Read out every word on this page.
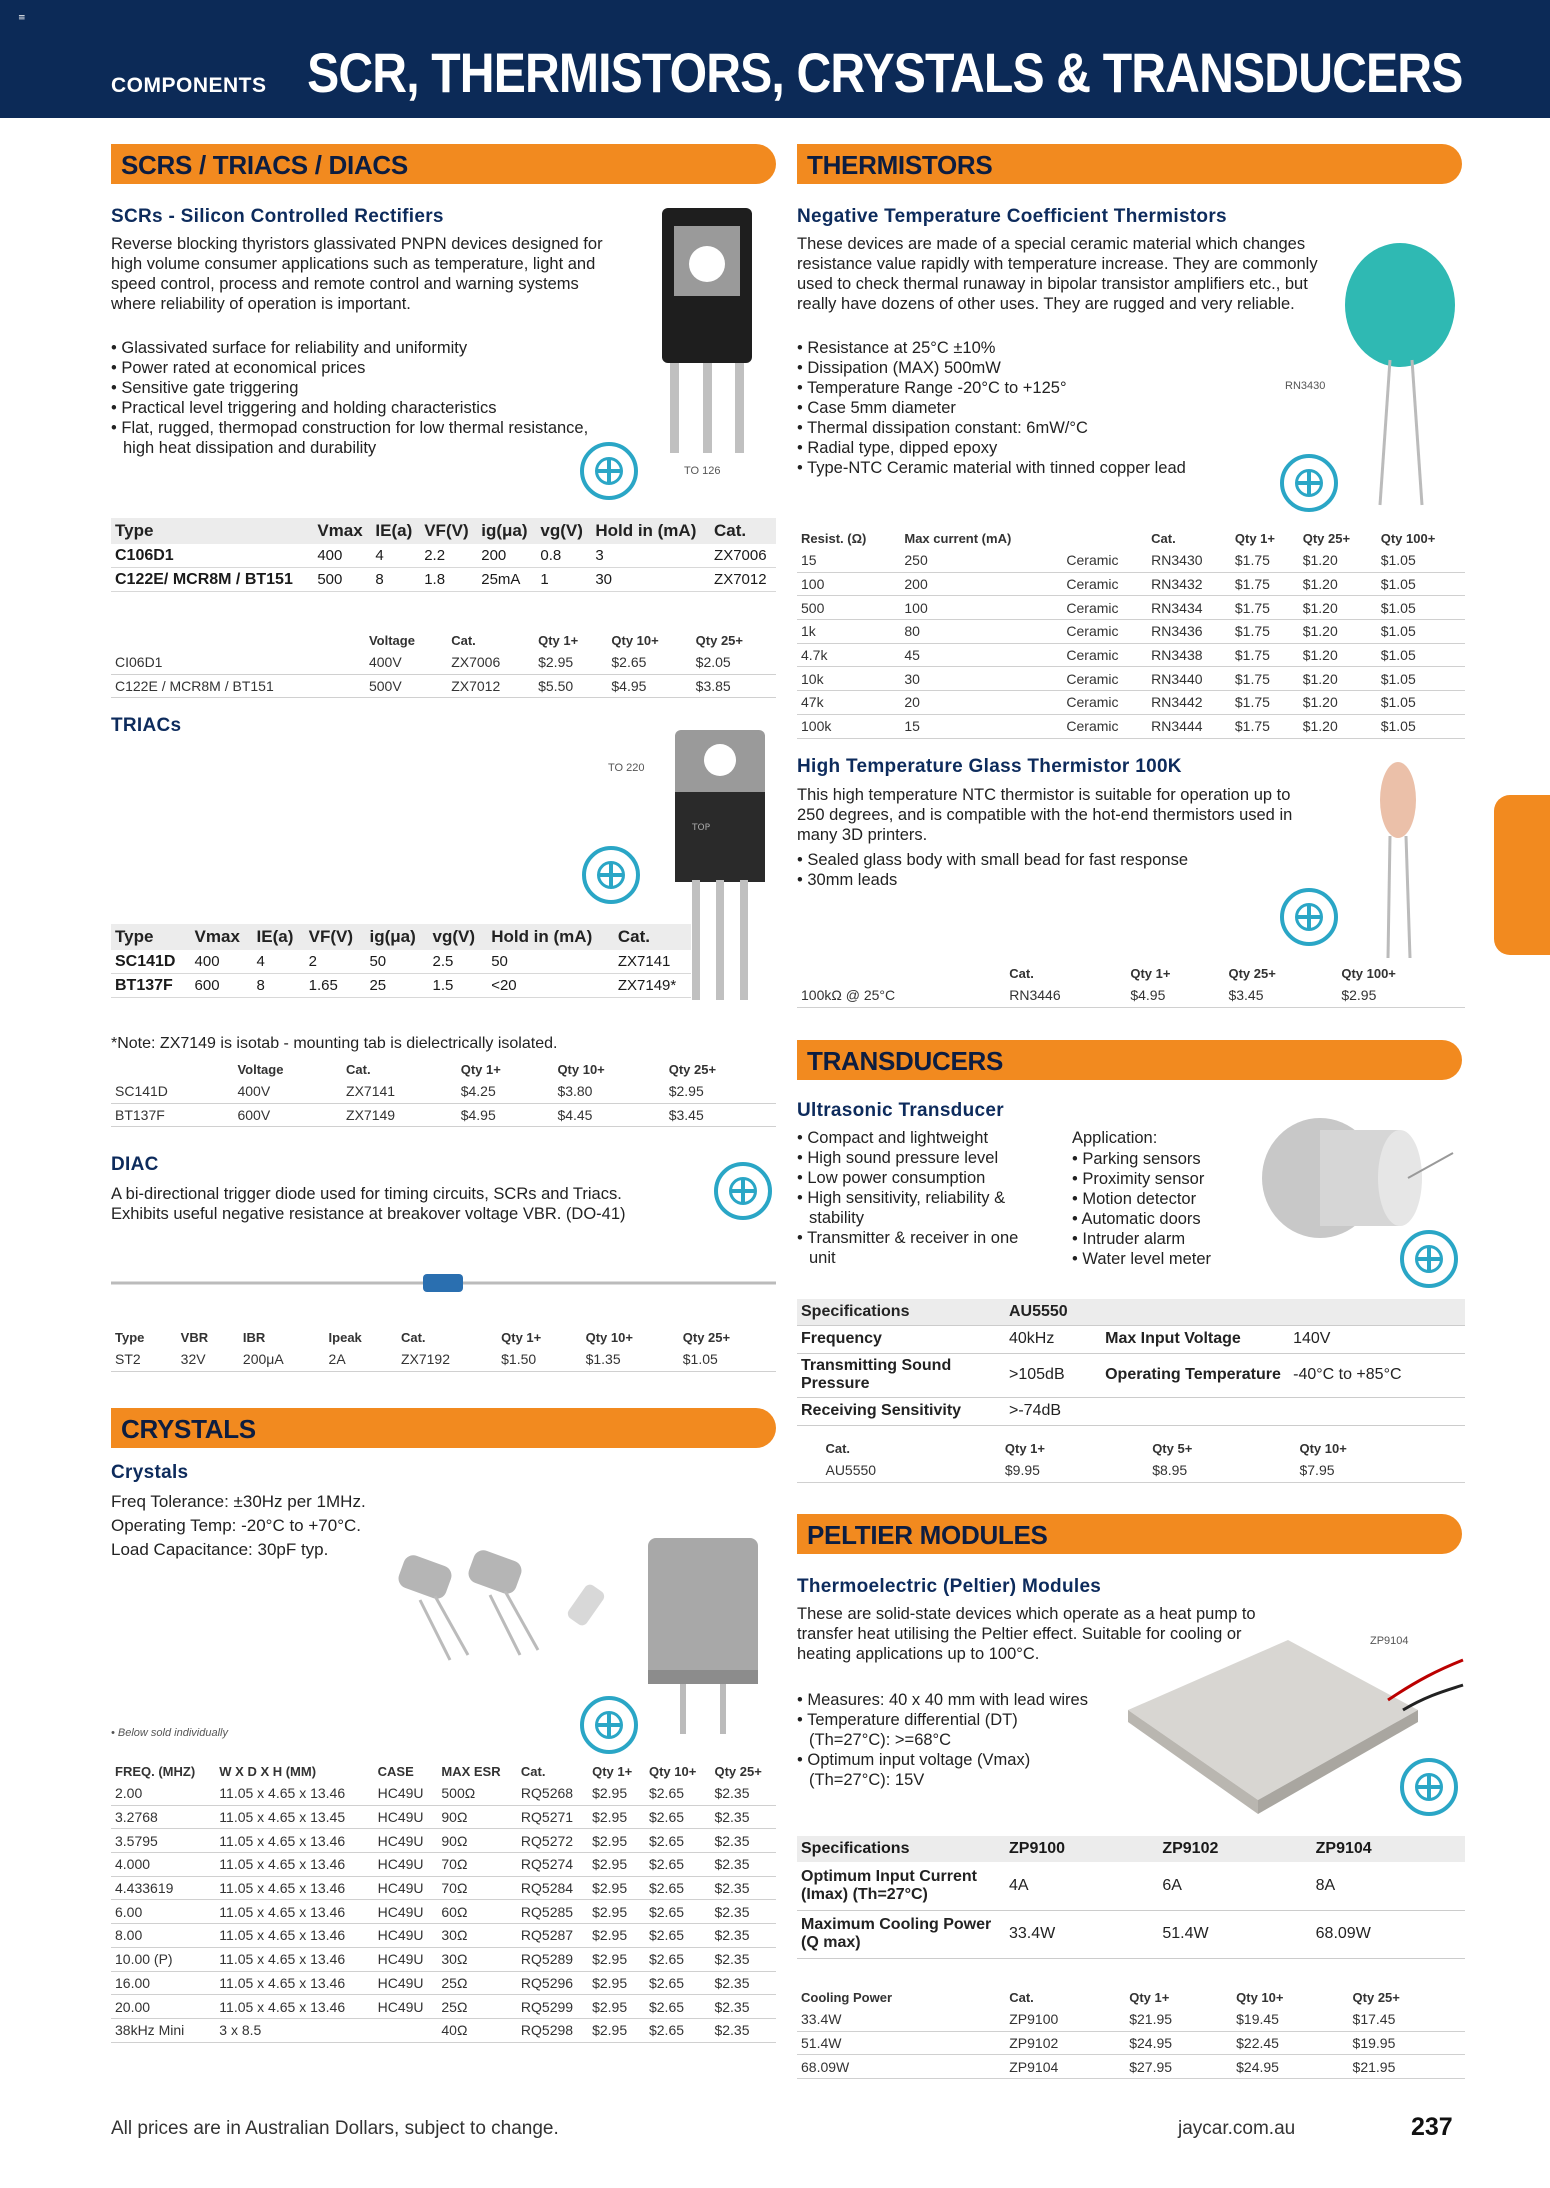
≡
COMPONENTS SCR, THERMISTORS, CRYSTALS & TRANSDUCERS
SCRS / TRIACS / DIACS
SCRs - Silicon Controlled Rectifiers
Reverse blocking thyristors glassivated PNPN devices designed for high volume consumer applications such as temperature, light and speed control, process and remote control and warning systems where reliability of operation is important.
• Glassivated surface for reliability and uniformity
• Power rated at economical prices
• Sensitive gate triggering
• Practical level triggering and holding characteristics
• Flat, rugged, thermopad construction for low thermal resistance, high heat dissipation and durability
TO 126
Type	Vmax	IE(a)	VF(V)	ig(μa)	vg(V)	Hold in (mA)	Cat.
C106D1	400	4	2.2	200	0.8	3	ZX7006
C122E/ MCR8M / BT151	500	8	1.8	25mA	1	30	ZX7012
	Voltage	Cat.	Qty 1+	Qty 10+	Qty 25+
CI06D1	400V	ZX7006	$2.95	$2.65	$2.05
C122E / MCR8M / BT151	500V	ZX7012	$5.50	$4.95	$3.85
TRIACs
TO 220
TOP
Type	Vmax	IE(a)	VF(V)	ig(μa)	vg(V)	Hold in (mA)	Cat.
SC141D	400	4	2	50	2.5	50	ZX7141
BT137F	600	8	1.65	25	1.5	<20	ZX7149*
*Note: ZX7149 is isotab - mounting tab is dielectrically isolated.
	Voltage	Cat.	Qty 1+	Qty 10+	Qty 25+
SC141D	400V	ZX7141	$4.25	$3.80	$2.95
BT137F	600V	ZX7149	$4.95	$4.45	$3.45
DIAC
A bi-directional trigger diode used for timing circuits, SCRs and Triacs. Exhibits useful negative resistance at breakover voltage VBR. (DO-41)
Type	VBR	IBR	Ipeak	Cat.	Qty 1+	Qty 10+	Qty 25+
ST2	32V	200μA	2A	ZX7192	$1.50	$1.35	$1.05
CRYSTALS
Crystals
Freq Tolerance: ±30Hz per 1MHz.
Operating Temp: -20°C to +70°C.
Load Capacitance: 30pF typ.
• Below sold individually
FREQ. (MHZ)	W X D X H (MM)	CASE	MAX ESR	Cat.	Qty 1+	Qty 10+	Qty 25+
2.00	11.05 x 4.65 x 13.46	HC49U	500Ω	RQ5268	$2.95	$2.65	$2.35
3.2768	11.05 x 4.65 x 13.45	HC49U	90Ω	RQ5271	$2.95	$2.65	$2.35
3.5795	11.05 x 4.65 x 13.46	HC49U	90Ω	RQ5272	$2.95	$2.65	$2.35
4.000	11.05 x 4.65 x 13.46	HC49U	70Ω	RQ5274	$2.95	$2.65	$2.35
4.433619	11.05 x 4.65 x 13.46	HC49U	70Ω	RQ5284	$2.95	$2.65	$2.35
6.00	11.05 x 4.65 x 13.46	HC49U	60Ω	RQ5285	$2.95	$2.65	$2.35
8.00	11.05 x 4.65 x 13.46	HC49U	30Ω	RQ5287	$2.95	$2.65	$2.35
10.00 (P)	11.05 x 4.65 x 13.46	HC49U	30Ω	RQ5289	$2.95	$2.65	$2.35
16.00	11.05 x 4.65 x 13.46	HC49U	25Ω	RQ5296	$2.95	$2.65	$2.35
20.00	11.05 x 4.65 x 13.46	HC49U	25Ω	RQ5299	$2.95	$2.65	$2.35
38kHz Mini	3 x 8.5		40Ω	RQ5298	$2.95	$2.65	$2.35
THERMISTORS
Negative Temperature Coefficient Thermistors
These devices are made of a special ceramic material which changes resistance value rapidly with temperature increase. They are commonly used to check thermal runaway in bipolar transistor amplifiers etc., but really have dozens of other uses. They are rugged and very reliable.
• Resistance at 25°C ±10%
• Dissipation (MAX) 500mW
• Temperature Range -20°C to +125°
• Case 5mm diameter
• Thermal dissipation constant: 6mW/°C
• Radial type, dipped epoxy
• Type-NTC Ceramic material with tinned copper lead
RN3430
Resist. (Ω)	Max current (mA)		Cat.	Qty 1+	Qty 25+	Qty 100+
15	250	Ceramic	RN3430	$1.75	$1.20	$1.05
100	200	Ceramic	RN3432	$1.75	$1.20	$1.05
500	100	Ceramic	RN3434	$1.75	$1.20	$1.05
1k	80	Ceramic	RN3436	$1.75	$1.20	$1.05
4.7k	45	Ceramic	RN3438	$1.75	$1.20	$1.05
10k	30	Ceramic	RN3440	$1.75	$1.20	$1.05
47k	20	Ceramic	RN3442	$1.75	$1.20	$1.05
100k	15	Ceramic	RN3444	$1.75	$1.20	$1.05
High Temperature Glass Thermistor 100K
This high temperature NTC thermistor is suitable for operation up to 250 degrees, and is compatible with the hot-end thermistors used in many 3D printers.
• Sealed glass body with small bead for fast response
• 30mm leads
	Cat.	Qty 1+	Qty 25+	Qty 100+
100kΩ @ 25°C	RN3446	$4.95	$3.45	$2.95
TRANSDUCERS
Ultrasonic Transducer
• Compact and lightweight
• High sound pressure level
• Low power consumption
• High sensitivity, reliability & stability
• Transmitter & receiver in one unit
Application:
• Parking sensors
• Proximity sensor
• Motion detector
• Automatic doors
• Intruder alarm
• Water level meter
Specifications	AU5550		
Frequency	40kHz	Max Input Voltage	140V
Transmitting Sound Pressure	>105dB	Operating Temperature	-40°C to +85°C
Receiving Sensitivity	>-74dB		
	Cat.	Qty 1+	Qty 5+	Qty 10+
	AU5550	$9.95	$8.95	$7.95
PELTIER MODULES
Thermoelectric (Peltier) Modules
These are solid-state devices which operate as a heat pump to transfer heat utilising the Peltier effect. Suitable for cooling or heating applications up to 100°C.
• Measures: 40 x 40 mm with lead wires
• Temperature differential (DT) (Th=27°C): >=68°C
• Optimum input voltage (Vmax) (Th=27°C): 15V
ZP9104
Specifications	ZP9100	ZP9102	ZP9104
Optimum Input Current (Imax) (Th=27°C)	4A	6A	8A
Maximum Cooling Power (Q max)	33.4W	51.4W	68.09W
Cooling Power	Cat.	Qty 1+	Qty 10+	Qty 25+
33.4W	ZP9100	$21.95	$19.45	$17.45
51.4W	ZP9102	$24.95	$22.45	$19.95
68.09W	ZP9104	$27.95	$24.95	$21.95
All prices are in Australian Dollars, subject to change.	jaycar.com.au	237
